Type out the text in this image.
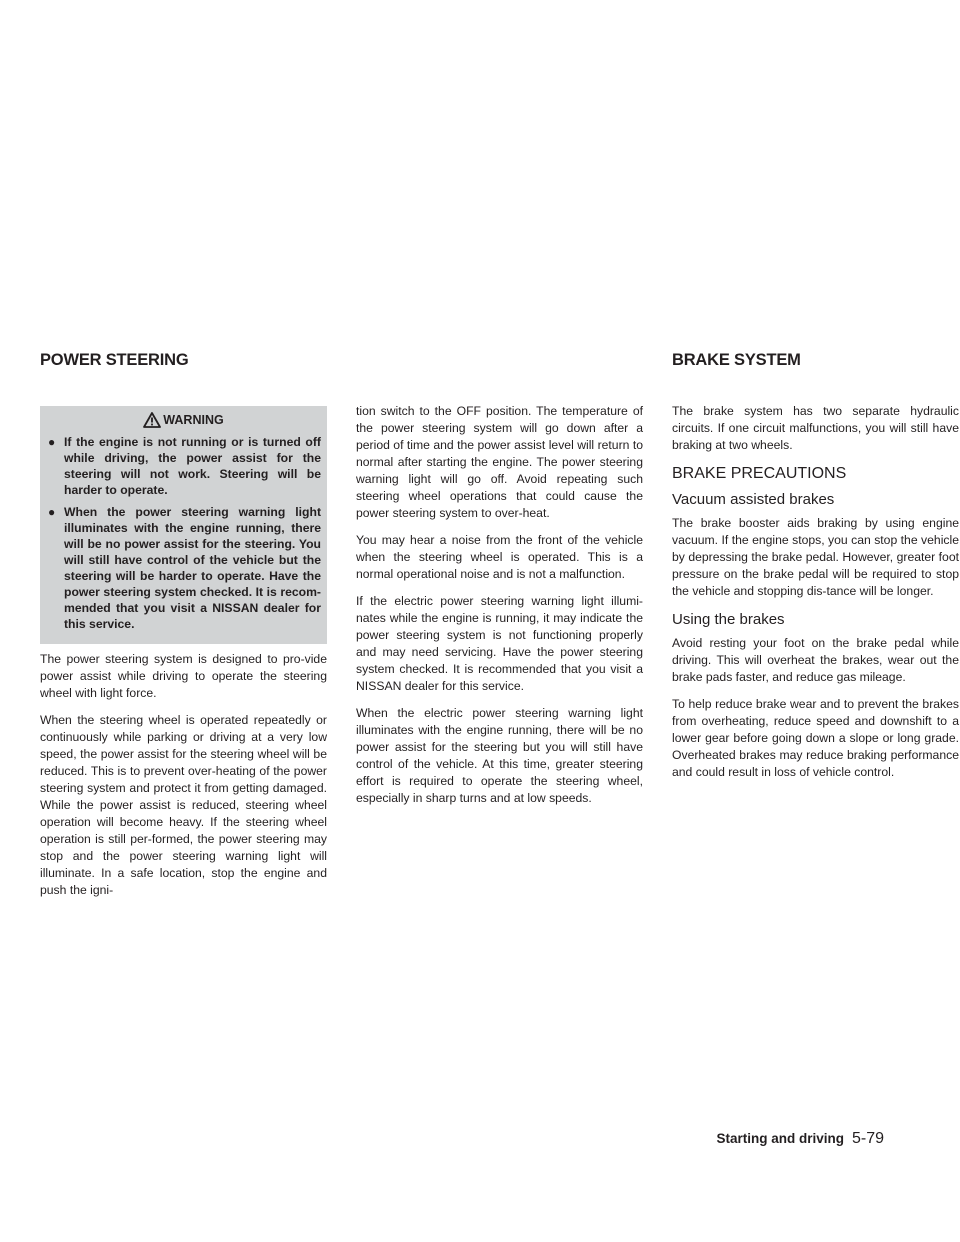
POWER STEERING	BRAKE SYSTEM
WARNING
● If the engine is not running or is turned off while driving, the power assist for the steering will not work. Steering will be harder to operate.
● When the power steering warning light illuminates with the engine running, there will be no power assist for the steering. You will still have control of the vehicle but the steering will be harder to operate. Have the power steering system checked. It is recom-mended that you visit a NISSAN dealer for this service.

The power steering system is designed to pro-vide power assist while driving to operate the steering wheel with light force.

When the steering wheel is operated repeatedly or continuously while parking or driving at a very low speed, the power assist for the steering wheel will be reduced. This is to prevent over-heating of the power steering system and protect it from getting damaged. While the power assist is reduced, steering wheel operation will become heavy. If the steering wheel operation is still per-formed, the power steering may stop and the power steering warning light will illuminate. In a safe location, stop the engine and push the igni-

tion switch to the OFF position. The temperature of the power steering system will go down after a period of time and the power assist level will return to normal after starting the engine. The power steering warning light will go off. Avoid repeating such steering wheel operations that could cause the power steering system to over-heat.

You may hear a noise from the front of the vehicle when the steering wheel is operated. This is a normal operational noise and is not a malfunction.

If the electric power steering warning light illumi-nates while the engine is running, it may indicate the power steering system is not functioning properly and may need servicing. Have the power steering system checked. It is recommended that you visit a NISSAN dealer for this service.

When the electric power steering warning light illuminates with the engine running, there will be no power assist for the steering but you will still have control of the vehicle. At this time, greater steering effort is required to operate the steering wheel, especially in sharp turns and at low speeds.

The brake system has two separate hydraulic circuits. If one circuit malfunctions, you will still have braking at two wheels.

BRAKE PRECAUTIONS
Vacuum assisted brakes

The brake booster aids braking by using engine vacuum. If the engine stops, you can stop the vehicle by depressing the brake pedal. However, greater foot pressure on the brake pedal will be required to stop the vehicle and stopping dis-tance will be longer.

Using the brakes

Avoid resting your foot on the brake pedal while driving. This will overheat the brakes, wear out the brake pads faster, and reduce gas mileage.

To help reduce brake wear and to prevent the brakes from overheating, reduce speed and downshift to a lower gear before going down a slope or long grade. Overheated brakes may reduce braking performance and could result in loss of vehicle control.

Starting and driving 5-79
